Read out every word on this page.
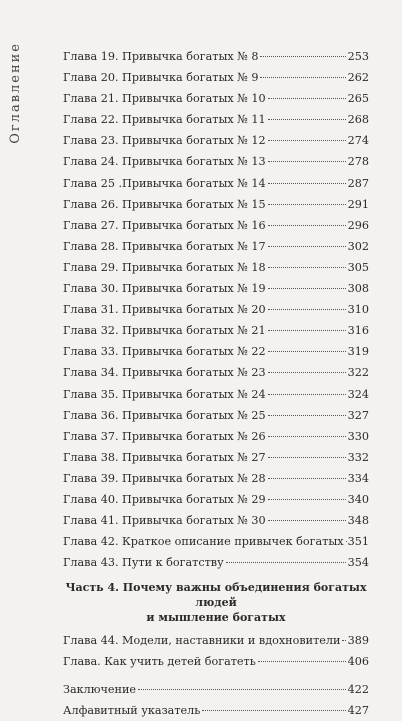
Оглавление	Глава 19. Привычка богатых № 8	253
Глава 20. Привычка богатых № 9	262
Глава 21. Привычка богатых № 10	265
Глава 22. Привычка богатых № 11	268
Глава 23. Привычка богатых № 12	274
Глава 24. Привычка богатых № 13	278
Глава 25 .Привычка богатых № 14	287
Глава 26. Привычка богатых № 15	291
Глава 27. Привычка богатых № 16	296
Глава 28. Привычка богатых № 17	302
Глава 29. Привычка богатых № 18	305
Глава 30. Привычка богатых № 19	308
Глава 31. Привычка богатых № 20	310
Глава 32. Привычка богатых № 21	316
Глава 33. Привычка богатых № 22	319
Глава 34. Привычка богатых № 23	322
Глава 35. Привычка богатых № 24	324
Глава 36. Привычка богатых № 25	327
Глава 37. Привычка богатых № 26	330
Глава 38. Привычка богатых № 27	332
Глава 39. Привычка богатых № 28	334
Глава 40. Привычка богатых № 29	340
Глава 41. Привычка богатых № 30	348
Глава 42. Краткое описание привычек богатых 351
Глава 43. Пути к богатству	354
Часть 4. Почему важны объединения богатых людей
и мышление богатых
Глава 44. Модели, наставники и вдохновители 389
Глава. Как учить детей богатеть	406
Заключение	422
Алфавитный указатель	427
